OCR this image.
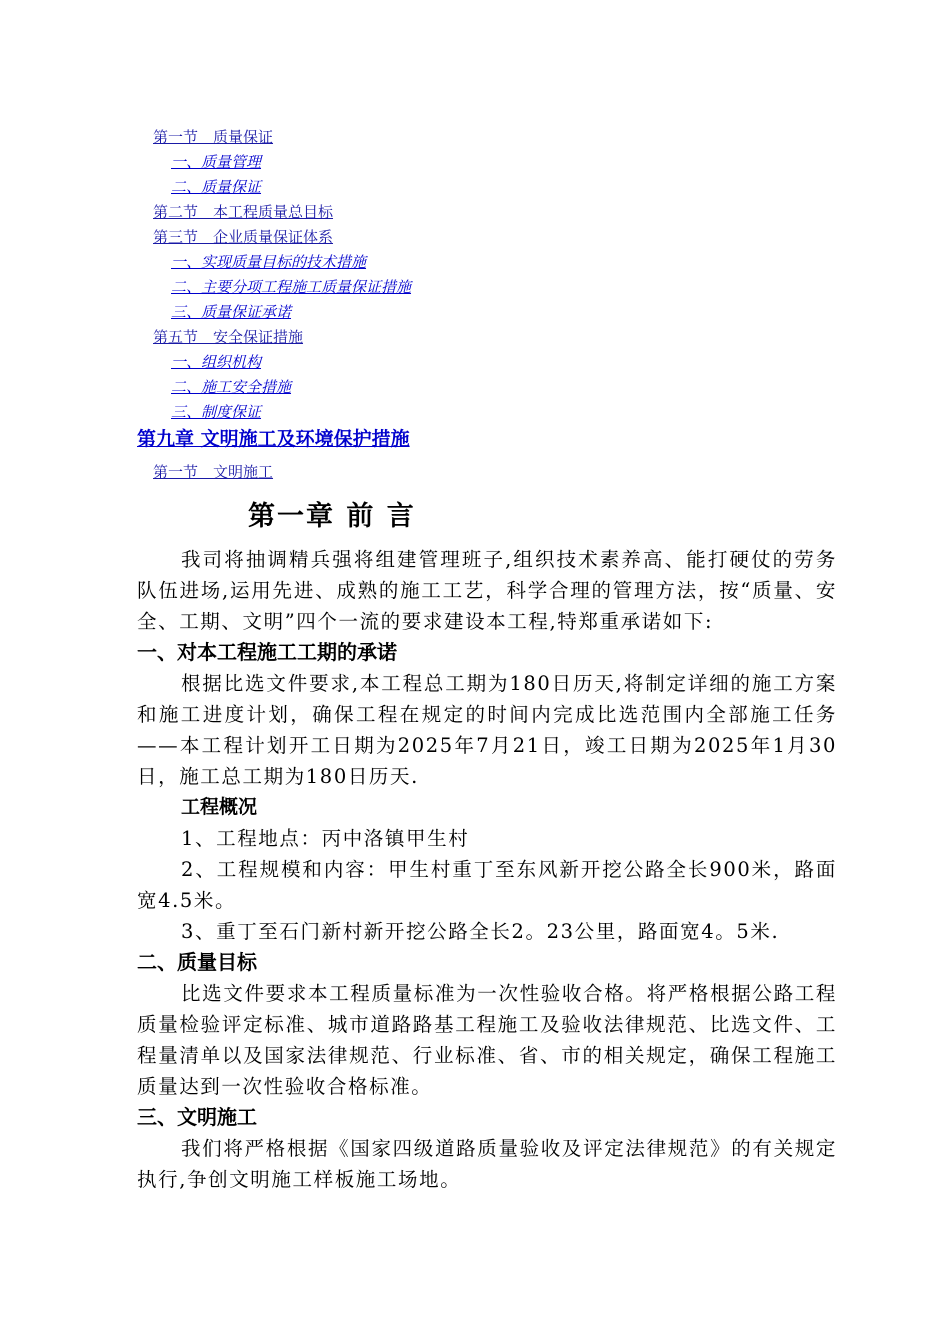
第一节　质量保证
一、质量管理
二、质量保证
第二节　本工程质量总目标
第三节　企业质量保证体系
一、实现质量目标的技术措施
二、主要分项工程施工质量保证措施
三、质量保证承诺
第五节　安全保证措施
一、组织机构
二、施工安全措施
三、制度保证
第九章 文明施工及环境保护措施
第一节　文明施工
第一章 前 言

我司将抽调精兵强将组建管理班子,组织技术素养高、能打硬仗的劳务队伍进场,运用先进、成熟的施工工艺，科学合理的管理方法，按“质量、安全、工期、文明”四个一流的要求建设本工程,特郑重承诺如下:

一、对本工程施工工期的承诺

根据比选文件要求,本工程总工期为180日历天,将制定详细的施工方案和施工进度计划，确保工程在规定的时间内完成比选范围内全部施工任务——本工程计划开工日期为2025年7月21日，竣工日期为2025年1月30日，施工总工期为180日历天.

工程概况

1、工程地点：丙中洛镇甲生村

2、工程规模和内容：甲生村重丁至东风新开挖公路全长900米，路面宽4.5米。

3、重丁至石门新村新开挖公路全长2。23公里，路面宽4。5米.

二、质量目标

比选文件要求本工程质量标准为一次性验收合格。将严格根据公路工程质量检验评定标准、城市道路路基工程施工及验收法律规范、比选文件、工程量清单以及国家法律规范、行业标准、省、市的相关规定，确保工程施工质量达到一次性验收合格标准。

三、文明施工

我们将严格根据《国家四级道路质量验收及评定法律规范》的有关规定执行,争创文明施工样板施工场地。
